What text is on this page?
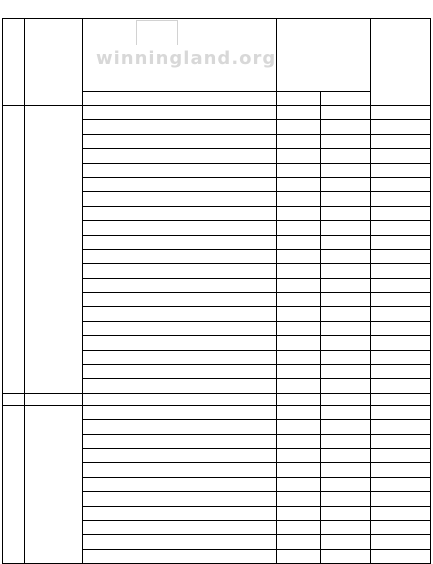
winningland.org
